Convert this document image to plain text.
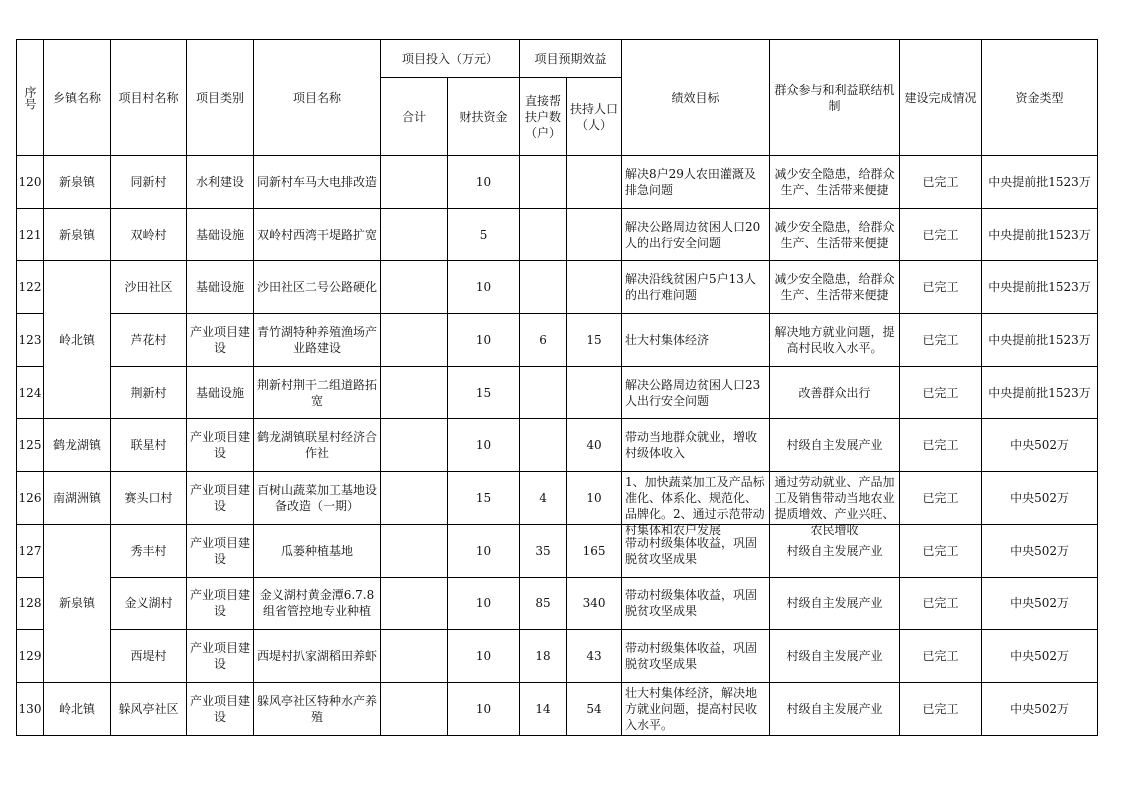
序号	乡镇名称	项目村名称	项目类别	项目名称	项目投入（万元）		项目预期效益		绩效目标	群众参与和利益联结机制	建设完成情况	资金类型
					合计	财扶资金	直接帮扶户数（户）	扶持人口（人）				
120	新泉镇	同新村	水利建设	同新村车马大电排改造		10			解决8户29人农田灌溉及排急问题	减少安全隐患，给群众生产、生活带来便捷	已完工	中央提前批1523万
121	新泉镇	双岭村	基础设施	双岭村西湾干堤路扩宽		5			解决公路周边贫困人口20人的出行安全问题	减少安全隐患，给群众生产、生活带来便捷	已完工	中央提前批1523万
122	岭北镇	沙田社区	基础设施	沙田社区二号公路硬化		10			解决沿线贫困户5户13人的出行难问题	减少安全隐患，给群众生产、生活带来便捷	已完工	中央提前批1523万
123		芦花村	产业项目建设	青竹湖特种养殖渔场产业路建设		10	6	15	壮大村集体经济	解决地方就业问题，提高村民收入水平。	已完工	中央提前批1523万
124		荆新村	基础设施	荆新村荆干二组道路拓宽		15			解决公路周边贫困人口23人出行安全问题	改善群众出行	已完工	中央提前批1523万
125	鹤龙湖镇	联星村	产业项目建设	鹤龙湖镇联星村经济合作社		10		40	带动当地群众就业，增收村级体收入	村级自主发展产业	已完工	中央502万
126	南湖洲镇	赛头口村	产业项目建设	百树山蔬菜加工基地设备改造（一期）		15	4	10	1、加快蔬菜加工及产品标准化、体系化、规范化、品牌化。2、通过示范带动村集体和农户发展	通过劳动就业、产品加工及销售带动当地农业提质增效、产业兴旺、农民增收	已完工	中央502万
127	新泉镇	秀丰村	产业项目建设	瓜蒌种植基地		10	35	165	带动村级集体收益，巩固脱贫攻坚成果	村级自主发展产业	已完工	中央502万
128		金义湖村	产业项目建设	金义湖村黄金潭6.7.8组省管控地专业种植		10	85	340	带动村级集体收益，巩固脱贫攻坚成果	村级自主发展产业	已完工	中央502万
129		西堤村	产业项目建设	西堤村扒家湖稻田养虾		10	18	43	带动村级集体收益，巩固脱贫攻坚成果	村级自主发展产业	已完工	中央502万
130	岭北镇	躲风亭社区	产业项目建设	躲风亭社区特种水产养殖		10	14	54	壮大村集体经济，解决地方就业问题，提高村民收入水平。	村级自主发展产业	已完工	中央502万
